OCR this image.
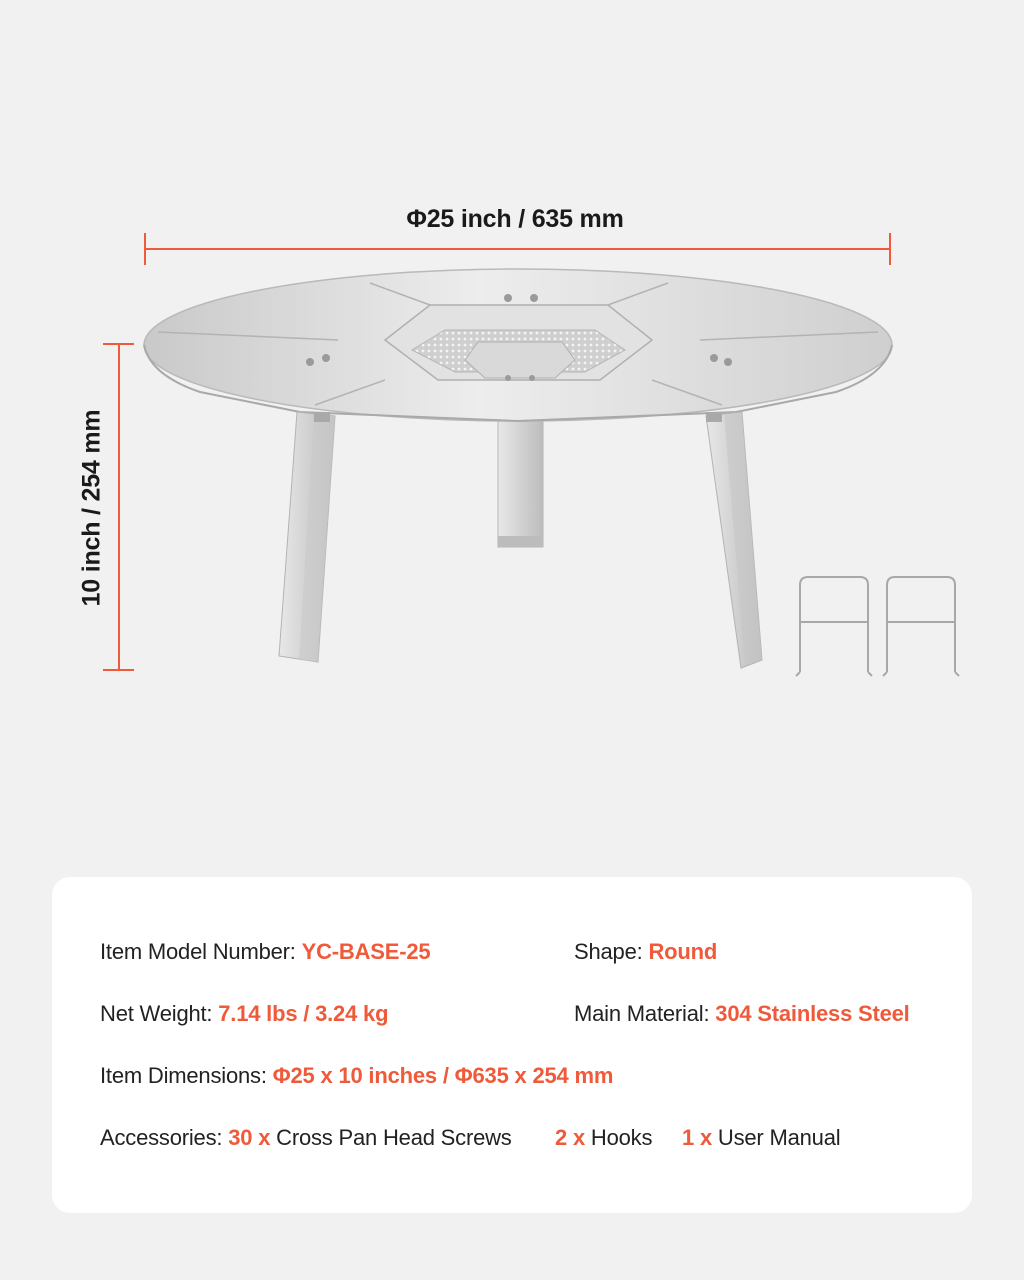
Φ25 inch / 635 mm
10 inch / 254 mm
Item Model Number: YC-BASE-25	Shape: Round
Net Weight: 7.14 lbs / 3.24 kg	Main Material: 304 Stainless Steel
Item Dimensions: Φ25 x 10 inches / Φ635 x 254 mm
Accessories: 30 x Cross Pan Head Screws 2 x Hooks 1 x User Manual
